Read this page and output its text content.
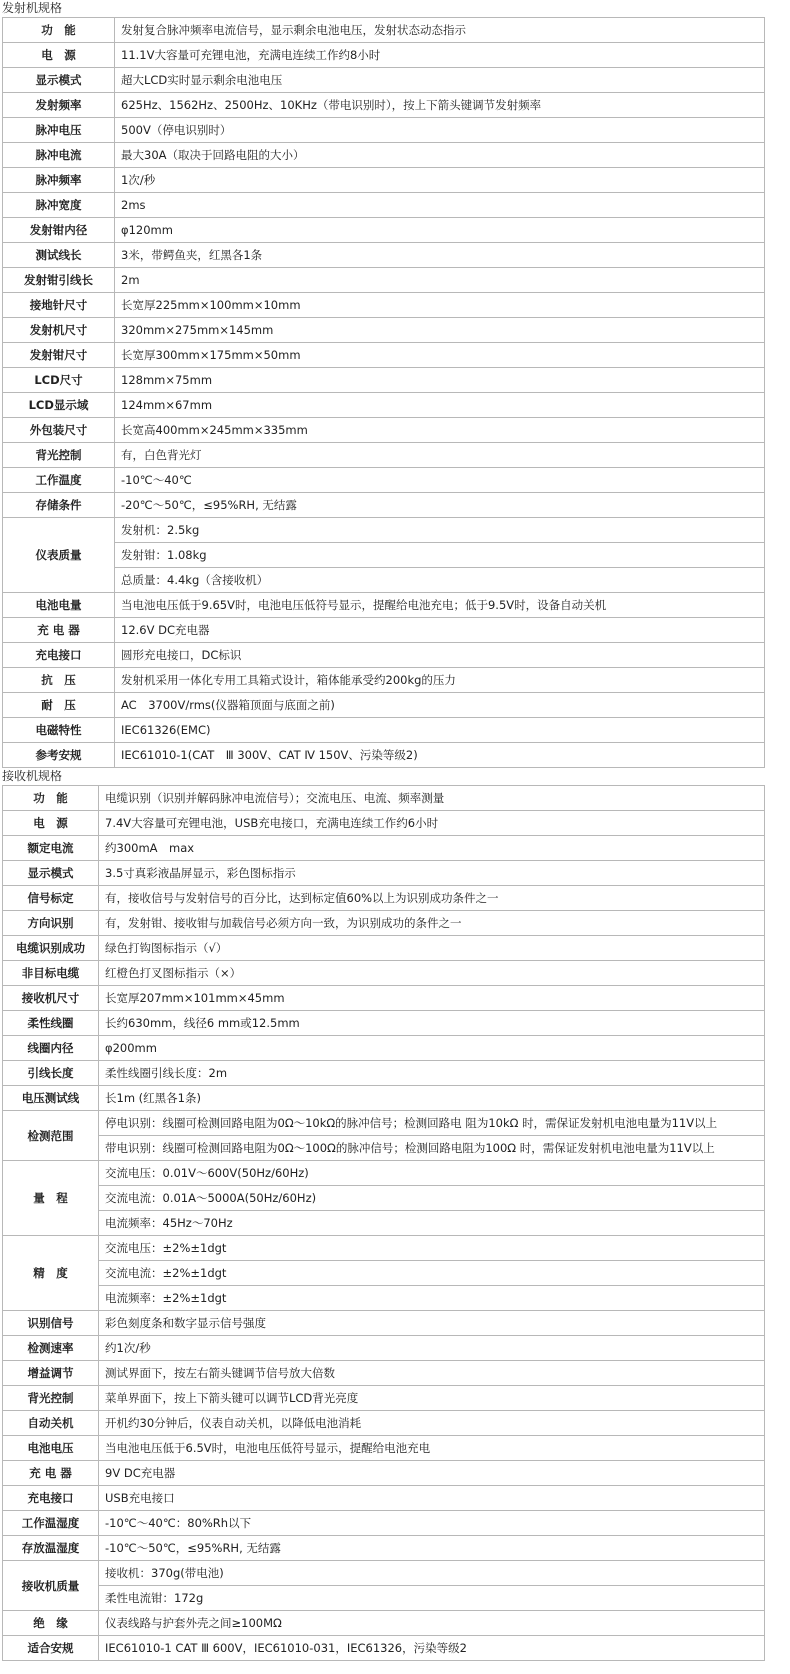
发射机规格
功　能	发射复合脉冲频率电流信号，显示剩余电池电压，发射状态动态指示
电　源	11.1V大容量可充锂电池，充满电连续工作约8小时
显示模式	超大LCD实时显示剩余电池电压
发射频率	625Hz、1562Hz、2500Hz、10KHz（带电识别时），按上下箭头键调节发射频率
脉冲电压	500V（停电识别时）
脉冲电流	最大30A（取决于回路电阻的大小）
脉冲频率	1次/秒
脉冲宽度	2ms
发射钳内径	φ120mm
测试线长	3米，带鳄鱼夹，红黑各1条
发射钳引线长	2m
接地针尺寸	长宽厚225mm×100mm×10mm
发射机尺寸	320mm×275mm×145mm
发射钳尺寸	长宽厚300mm×175mm×50mm
LCD尺寸	128mm×75mm
LCD显示域	124mm×67mm
外包装尺寸	长宽高400mm×245mm×335mm
背光控制	有，白色背光灯
工作温度	-10℃～40℃
存储条件	-20℃～50℃，≤95%RH, 无结露
仪表质量	发射机：2.5kg
	发射钳：1.08kg
	总质量：4.4kg（含接收机）
电池电量	当电池电压低于9.65V时，电池电压低符号显示，提醒给电池充电；低于9.5V时，设备自动关机
充 电 器	12.6V DC充电器
充电接口	圆形充电接口，DC标识
抗　压	发射机采用一体化专用工具箱式设计，箱体能承受约200kg的压力
耐　压	AC　3700V/rms(仪器箱顶面与底面之前)
电磁特性	IEC61326(EMC)
参考安规	IEC61010-1(CAT　Ⅲ 300V、CAT Ⅳ 150V、污染等级2)
接收机规格
功　能	电缆识别（识别并解码脉冲电流信号）；交流电压、电流、频率测量
电　源	7.4V大容量可充锂电池，USB充电接口，充满电连续工作约6小时
额定电流	约300mA　max
显示模式	3.5寸真彩液晶屏显示，彩色图标指示
信号标定	有，接收信号与发射信号的百分比，达到标定值60%以上为识别成功条件之一
方向识别	有，发射钳、接收钳与加载信号必须方向一致，为识别成功的条件之一
电缆识别成功	绿色打钩图标指示（√）
非目标电缆	红橙色打叉图标指示（×）
接收机尺寸	长宽厚207mm×101mm×45mm
柔性线圈	长约630mm，线径6 mm或12.5mm
线圈内径	φ200mm
引线长度	柔性线圈引线长度：2m
电压测试线	长1m (红黑各1条)
检测范围	停电识别：线圈可检测回路电阻为0Ω～10kΩ的脉冲信号；检测回路电 阻为10kΩ 时，需保证发射机电池电量为11V以上
	带电识别：线圈可检测回路电阻为0Ω～100Ω的脉冲信号；检测回路电阻为100Ω 时，需保证发射机电池电量为11V以上
量　程	交流电压：0.01V～600V(50Hz/60Hz)
	交流电流：0.01A～5000A(50Hz/60Hz)
	电流频率：45Hz～70Hz
精　度	交流电压：±2%±1dgt
	交流电流：±2%±1dgt
	电流频率：±2%±1dgt
识别信号	彩色刻度条和数字显示信号强度
检测速率	约1次/秒
增益调节	测试界面下，按左右箭头键调节信号放大倍数
背光控制	菜单界面下，按上下箭头键可以调节LCD背光亮度
自动关机	开机约30分钟后，仪表自动关机，以降低电池消耗
电池电压	当电池电压低于6.5V时，电池电压低符号显示，提醒给电池充电
充 电 器	9V DC充电器
充电接口	USB充电接口
工作温湿度	-10℃～40℃：80%Rh以下
存放温湿度	-10℃～50℃，≤95%RH, 无结露
接收机质量	接收机：370g(带电池)
	柔性电流钳：172g
绝　缘	仪表线路与护套外壳之间≥100MΩ
适合安规	IEC61010-1 CAT Ⅲ 600V，IEC61010-031，IEC61326，污染等级2
